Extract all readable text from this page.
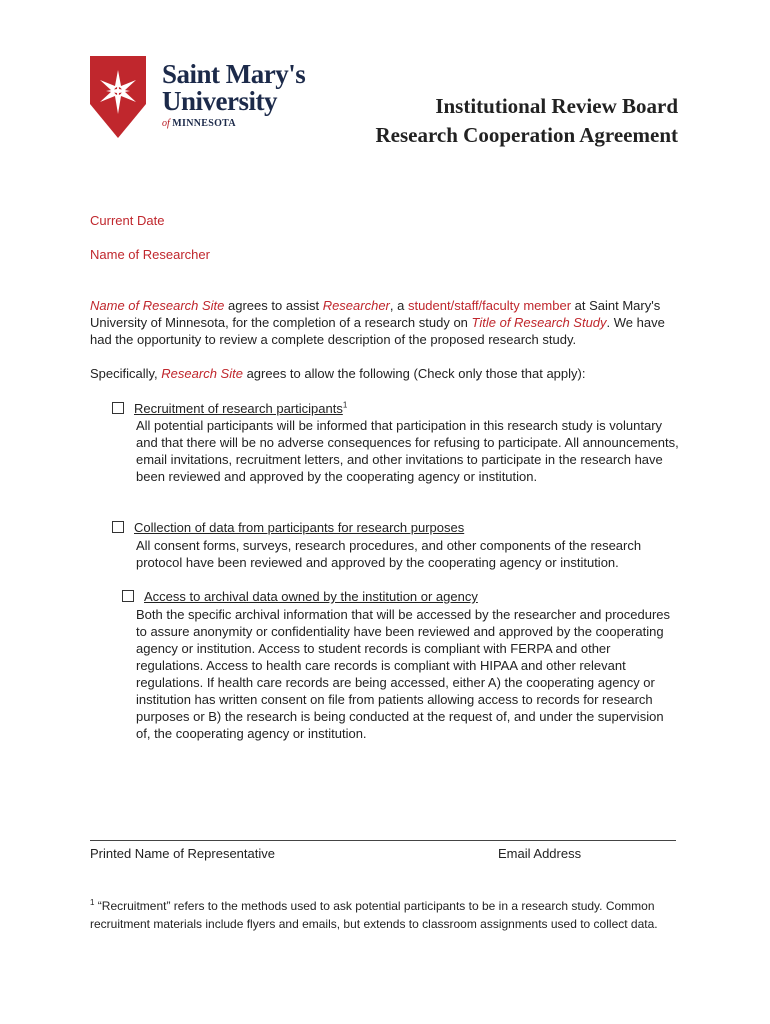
Saint Mary's
University
of MINNESOTA
Institutional Review Board
Research Cooperation Agreement
Current Date
Name of Researcher
Name of Research Site agrees to assist Researcher, a student/staff/faculty member at Saint Mary's University of Minnesota, for the completion of a research study on Title of Research Study. We have had the opportunity to review a complete description of the proposed research study.
Specifically, Research Site agrees to allow the following (Check only those that apply):
Recruitment of research participants$^1$
All potential participants will be informed that participation in this research study is voluntary and that there will be no adverse consequences for refusing to participate. All announcements, email invitations, recruitment letters, and other invitations to participate in the research have been reviewed and approved by the cooperating agency or institution.
Collection of data from participants for research purposes
All consent forms, surveys, research procedures, and other components of the research protocol have been reviewed and approved by the cooperating agency or institution.
Access to archival data owned by the institution or agency
Both the specific archival information that will be accessed by the researcher and procedures to assure anonymity or confidentiality have been reviewed and approved by the cooperating agency or institution. Access to student records is compliant with FERPA and other regulations. Access to health care records is compliant with HIPAA and other relevant regulations. If health care records are being accessed, either A) the cooperating agency or institution has written consent on file from patients allowing access to records for research purposes or B) the research is being conducted at the request of, and under the supervision of, the cooperating agency or institution.
Printed Name of Representative	Email Address
$^1$ “Recruitment” refers to the methods used to ask potential participants to be in a research study. Common recruitment materials include flyers and emails, but extends to classroom assignments used to collect data.
